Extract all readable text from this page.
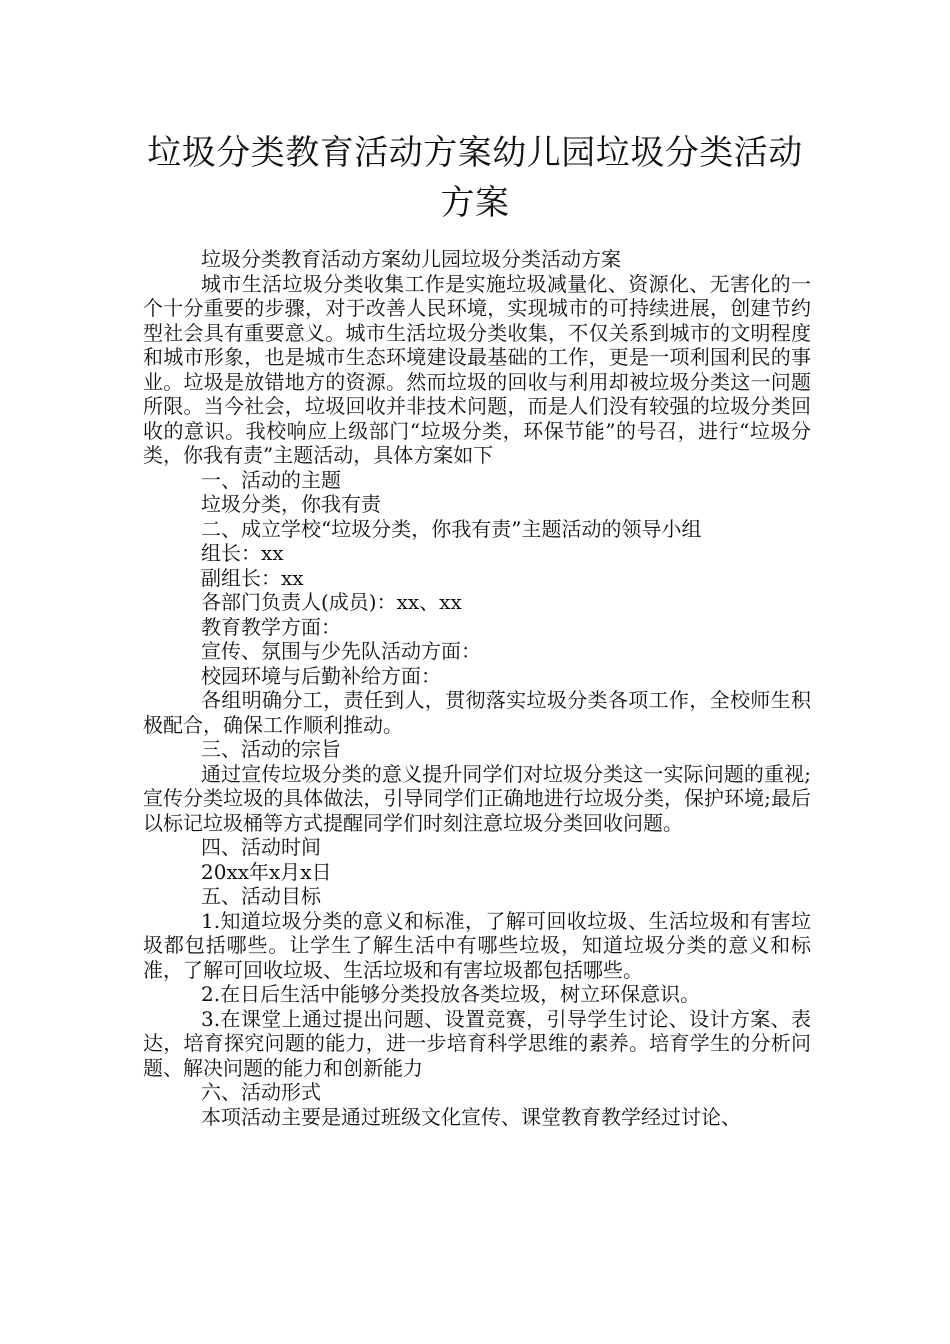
垃圾分类教育活动方案幼儿园垃圾分类活动方案

垃圾分类教育活动方案幼儿园垃圾分类活动方案

城市生活垃圾分类收集工作是实施垃圾减量化、资源化、无害化的一个十分重要的步骤，对于改善人民环境，实现城市的可持续进展，创建节约型社会具有重要意义。城市生活垃圾分类收集，不仅关系到城市的文明程度和城市形象，也是城市生态环境建设最基础的工作，更是一项利国利民的事业。垃圾是放错地方的资源。然而垃圾的回收与利用却被垃圾分类这一问题所限。当今社会，垃圾回收并非技术问题，而是人们没有较强的垃圾分类回收的意识。我校响应上级部门“垃圾分类，环保节能”的号召，进行“垃圾分类，你我有责”主题活动，具体方案如下

一、活动的主题

垃圾分类，你我有责

二、成立学校“垃圾分类，你我有责”主题活动的领导小组

组长：xx

副组长：xx

各部门负责人(成员)：xx、xx

教育教学方面：

宣传、氛围与少先队活动方面：

校园环境与后勤补给方面：

各组明确分工，责任到人，贯彻落实垃圾分类各项工作，全校师生积极配合，确保工作顺利推动。

三、活动的宗旨

通过宣传垃圾分类的意义提升同学们对垃圾分类这一实际问题的重视;宣传分类垃圾的具体做法，引导同学们正确地进行垃圾分类，保护环境;最后以标记垃圾桶等方式提醒同学们时刻注意垃圾分类回收问题。

四、活动时间

20xx年x月x日

五、活动目标

1.知道垃圾分类的意义和标准，了解可回收垃圾、生活垃圾和有害垃圾都包括哪些。让学生了解生活中有哪些垃圾，知道垃圾分类的意义和标准，了解可回收垃圾、生活垃圾和有害垃圾都包括哪些。

2.在日后生活中能够分类投放各类垃圾，树立环保意识。

3.在课堂上通过提出问题、设置竞赛，引导学生讨论、设计方案、表达，培育探究问题的能力，进一步培育科学思维的素养。培育学生的分析问题、解决问题的能力和创新能力

六、活动形式

本项活动主要是通过班级文化宣传、课堂教育教学经过讨论、
